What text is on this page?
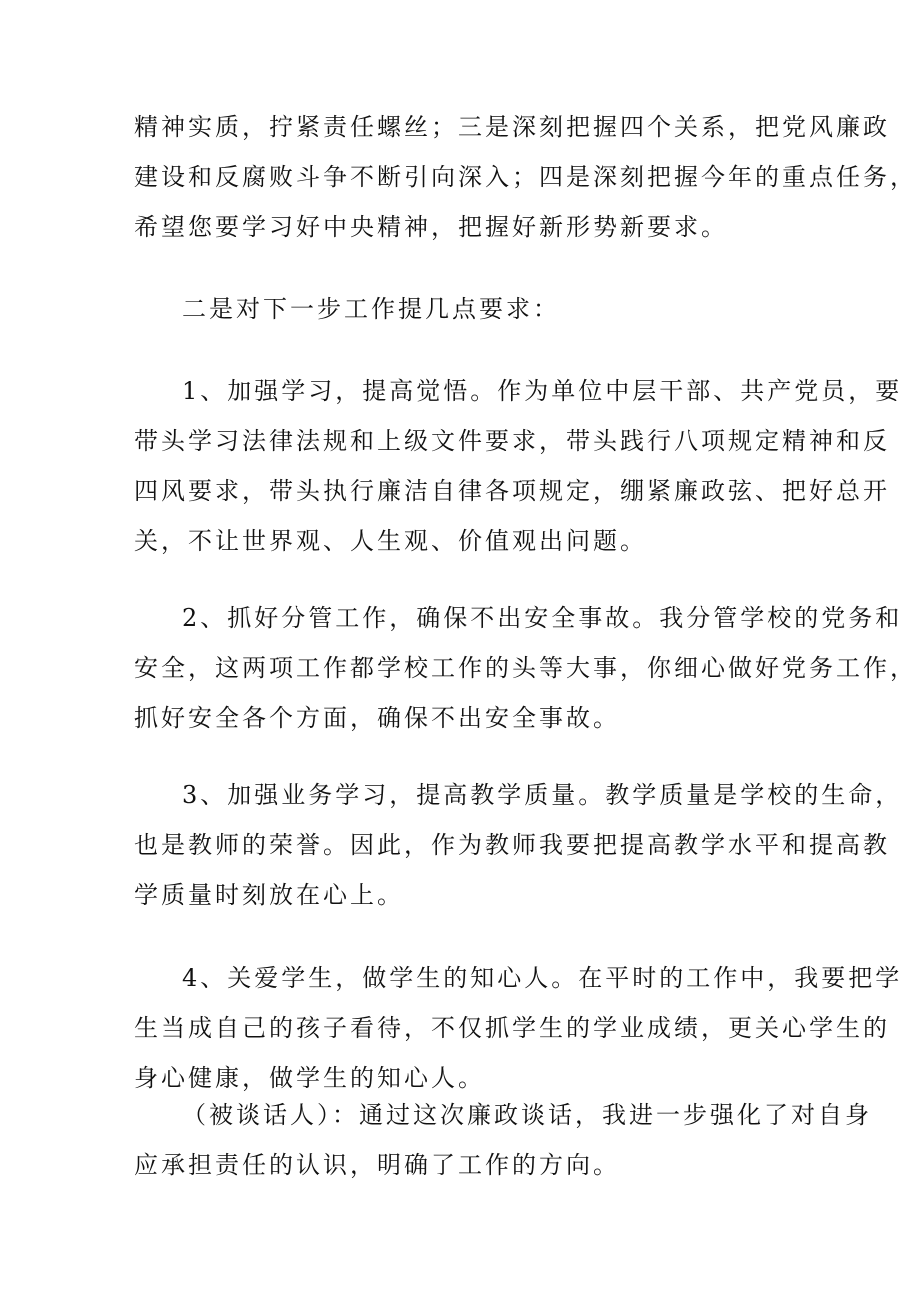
精神实质，拧紧责任螺丝；三是深刻把握四个关系，把党风廉政
建设和反腐败斗争不断引向深入；四是深刻把握今年的重点任务，
希望您要学习好中央精神，把握好新形势新要求。

二是对下一步工作提几点要求：

1、加强学习，提高觉悟。作为单位中层干部、共产党员，要
带头学习法律法规和上级文件要求，带头践行八项规定精神和反
四风要求，带头执行廉洁自律各项规定，绷紧廉政弦、把好总开
关，不让世界观、人生观、价值观出问题。

2、抓好分管工作，确保不出安全事故。我分管学校的党务和
安全，这两项工作都学校工作的头等大事，你细心做好党务工作，
抓好安全各个方面，确保不出安全事故。

3、加强业务学习，提高教学质量。教学质量是学校的生命，
也是教师的荣誉。因此，作为教师我要把提高教学水平和提高教
学质量时刻放在心上。

4、关爱学生，做学生的知心人。在平时的工作中，我要把学
生当成自己的孩子看待，不仅抓学生的学业成绩，更关心学生的
身心健康，做学生的知心人。

（被谈话人）：通过这次廉政谈话，我进一步强化了对自身
应承担责任的认识，明确了工作的方向。
